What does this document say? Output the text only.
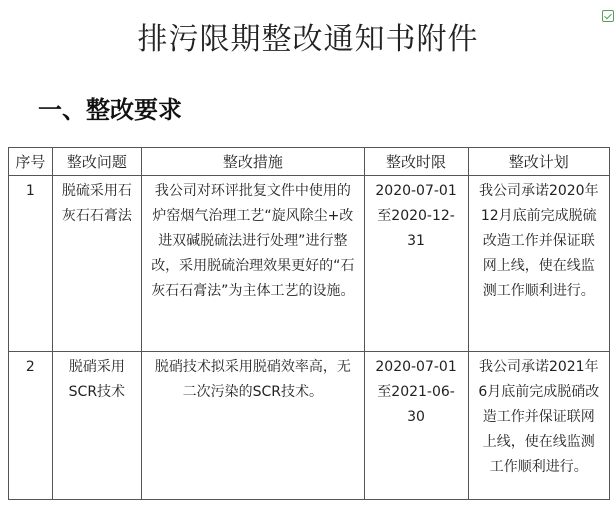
排污限期整改通知书附件
一、整改要求
序号	整改问题	整改措施	整改时限	整改计划
1	脱硫采用石灰石石膏法	我公司对环评批复文件中使用的炉窑烟气治理工艺“旋风除尘+改进双碱脱硫法进行处理”进行整改，采用脱硫治理效果更好的“石灰石石膏法”为主体工艺的设施。	2020-07-01至2020-12-31	我公司承诺2020年12月底前完成脱硫改造工作并保证联网上线，使在线监测工作顺利进行。
2	脱硝采用SCR技术	脱硝技术拟采用脱硝效率高，无二次污染的SCR技术。	2020-07-01至2021-06-30	我公司承诺2021年6月底前完成脱硝改造工作并保证联网上线，使在线监测工作顺利进行。
